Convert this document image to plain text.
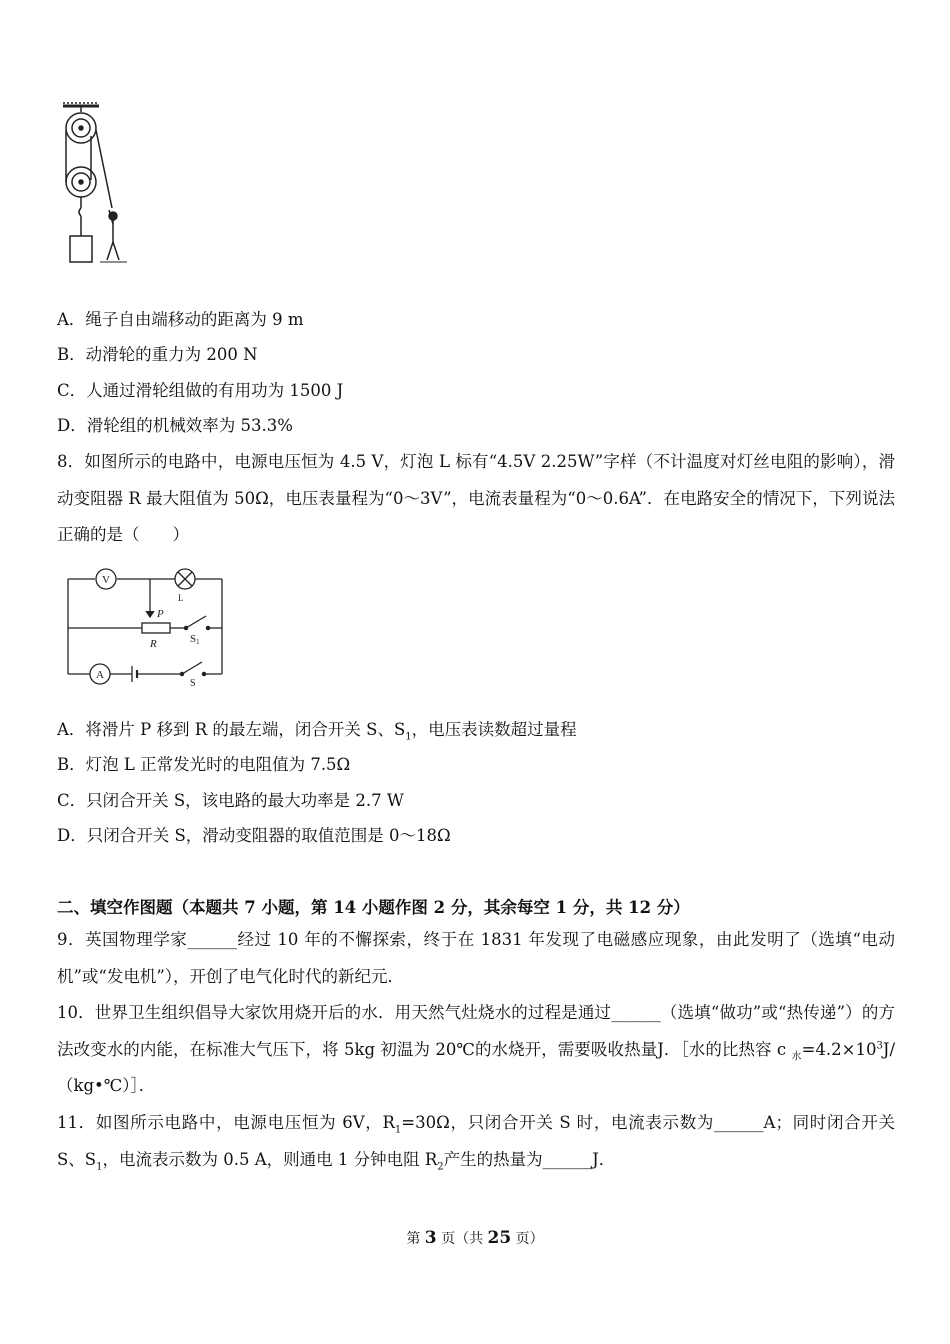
A．绳子自由端移动的距离为 9 m
B．动滑轮的重力为 200 N
C．人通过滑轮组做的有用功为 1500 J
D．滑轮组的机械效率为 53.3%
8．如图所示的电路中，电源电压恒为 4.5 V，灯泡 L 标有“4.5V 2.25W”字样（不计温度对灯丝电阻的影响），滑动变阻器 R 最大阻值为 50Ω，电压表量程为“0～3V”，电流表量程为“0～0.6A”．在电路安全的情况下，下列说法正确的是（　　）
V
L
P
R	S1
A
S
A．将滑片 P 移到 R 的最左端，闭合开关 S、$S_1$，电压表读数超过量程
B．灯泡 L 正常发光时的电阻值为 7.5Ω
C．只闭合开关 S，该电路的最大功率是 2.7 W
D．只闭合开关 S，滑动变阻器的取值范围是 0～18Ω
二、填空作图题（本题共 7 小题，第 14 小题作图 2 分，其余每空 1 分，共 12 分）
9．英国物理学家______经过 10 年的不懈探索，终于在 1831 年发现了电磁感应现象，由此发明了（选填“电动机”或“发电机”），开创了电气化时代的新纪元．
10．世界卫生组织倡导大家饮用烧开后的水．用天然气灶烧水的过程是通过______（选填“做功”或“热传递”）的方法改变水的内能，在标准大气压下，将 5kg 初温为 20℃的水烧开，需要吸收热量J．［水的比热容 c $_水=4.2\times 10^3J/(kg•℃)]$．
11．如图所示电路中，电源电压恒为 6V，$R_1=30\Omega$，只闭合开关 S 时，电流表示数为______A；同时闭合开关 S、$S_1$，电流表示数为 0.5 A，则通电 1 分钟电阻 $R_2$产生的热量为______J．
第 3 页（共 25 页）
